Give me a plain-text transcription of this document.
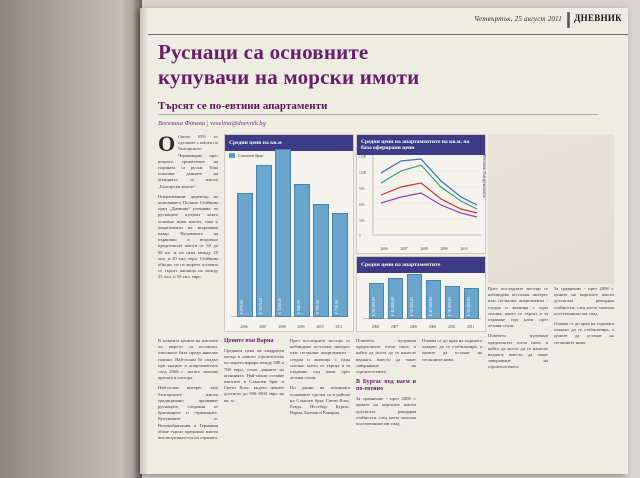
Четвъртък, 25 август 2011 ДНЕВНИК
Руснаци са основните
купувачи на морски имоти
Търсят се по-евтини апартаменти
Веселина Фönева | veselina@dnevnik.bg

О Около 95% от сделките с имоти по българското Черноморие през второто тримесечие на годината са руски. Това показват данните на агенцията за имоти „Български имоти“.

Оперативният директор на компанията Полина Стойкова пред „Дневник“ уточнява, че руснаците купуват както основно нови имоти, така и апартаменти на вторичния пазар. Купувачите на първично и вторично предпочитат имоти от 30 до 60 кв. м на цена между 20 хил. и 40 хил. евро. Стойкова обясни, че по морето основно се търсят жилища на между 25 хил. и 50 хил. евро.

Средни цени на кв.м
Слънчев бряг
€ 870.00
2006
€ 1075.00
2007
€ 1190.00
2008
€ 940.00
2009
€ 795.00
2010
€ 730.00
2011
Средни цени на апартаментите на кв.м. на база оферирани цени
1500
1200
900
600
300
0
2006	2007	2008	2009	2010
Източник: Български имоти
Средни цени на апартаментите
€ 39 500.00
2006
€ 45 600.00
2007
€ 50 000.00
2008
€ 42 500.00
2009
€ 36 000.00
2010
€ 33 500.00
2011

В момента цените на имотите по морето са по-ниски, отколкото бяха преди няколко години. Най-голям бе спадът при къщите и апартаментите след 2008 г., когато започна кризата в сектора.

Най-голям интерес към българските имоти традиционно проявяват руснаците, следвани от британците и германците. Купувачите от Великобритания и Германия обаче търсят предимно имоти във вътрешността на страната.

Цените във Варна

Средната цена на квадратен метър в новото строителство по морето варира между 500 и 700 евро, сочат данните на агенцията. Най-скъпи остават имотите в Слънчев бряг и Свети Влас, където цените достигат до 900-1000 евро на кв. м.

През последните месеци се наблюдава по-голям интерес към по-малки апартаменти - студиа и жилища с една спалня, които се търсят и за отдаване под наем през летния сезон.

По данни на агенцията основните сделки са в района на Слънчев бряг, Свети Влас, Равда, Несебър, Бургас, Варна, Балчик и Каварна.

Повечето купувачи предпочитат готов имот, в който да могат да се нанесат веднага, вместо да чакат завършване на строителството.

В Бургас под наем и по-евтино

За сравнение - през 2008 г. цените на морските имоти достигаха рекордни стойности, след което започна постепенният им спад.

Очаква се до края на годината пазарът да се стабилизира, а цените да останат на сегашните нива.

През последните месеци се наблюдава по-голям интерес към по-малки апартаменти - студиа и жилища с една спалня, които се търсят и за отдаване под наем през летния сезон.

Повечето купувачи предпочитат готов имот, в който да могат да се нанесат веднага, вместо да чакат завършване на строителството.

За сравнение - през 2008 г. цените на морските имоти достигаха рекордни стойности, след което започна постепенният им спад.

Очаква се до края на годината пазарът да се стабилизира, а цените да останат на сегашните нива.
